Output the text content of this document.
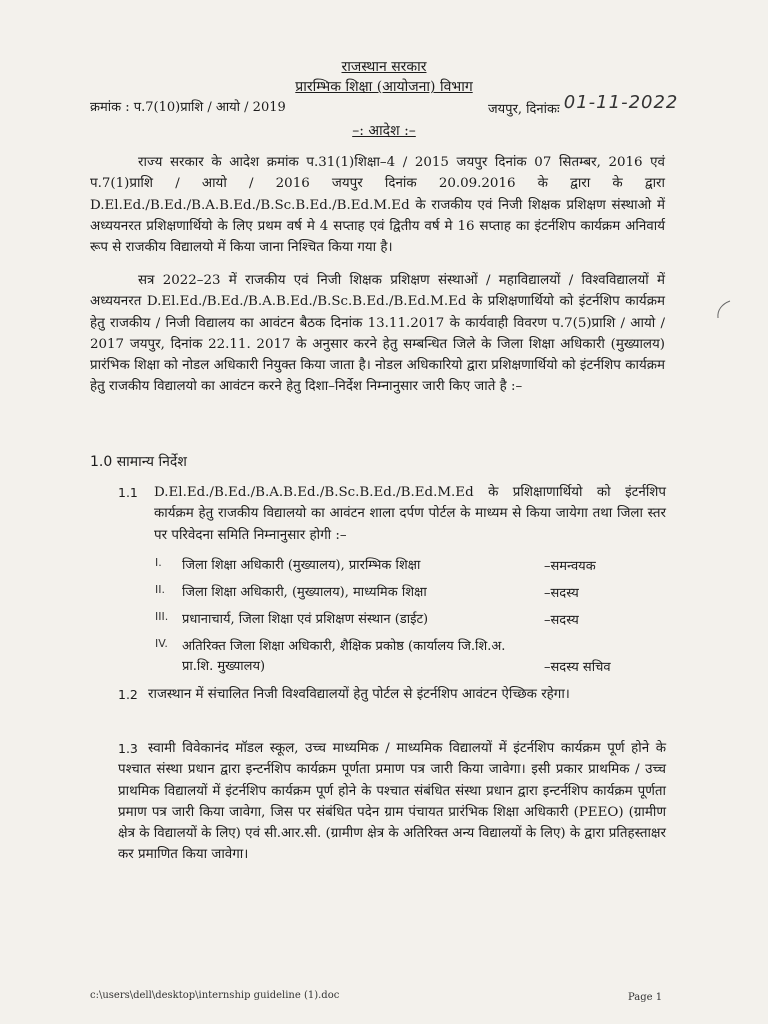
राजस्थान सरकार
प्रारम्भिक शिक्षा (आयोजना) विभाग
क्रमांक : प.7(10)प्राशि / आयो / 2019	जयपुर, दिनांकः 01-11-2022
–: आदेश :–
राज्य सरकार के आदेश क्रमांक प.31(1)शिक्षा–4 / 2015 जयपुर दिनांक 07 सितम्बर, 2016 एवं प.7(1)प्राशि / आयो / 2016 जयपुर दिनांक 20.09.2016 के द्वारा के द्वारा D.El.Ed./B.Ed./B.A.B.Ed./B.Sc.B.Ed./B.Ed.M.Ed के राजकीय एवं निजी शिक्षक प्रशिक्षण संस्थाओ में अध्ययनरत प्रशिक्षणार्थियो के लिए प्रथम वर्ष मे 4 सप्ताह एवं द्वितीय वर्ष मे 16 सप्ताह का इंटर्नशिप कार्यक्रम अनिवार्य रूप से राजकीय विद्यालयो में किया जाना निश्चित किया गया है।
सत्र 2022–23 में राजकीय एवं निजी शिक्षक प्रशिक्षण संस्थाओं / महाविद्यालयों / विश्वविद्यालयों में अध्ययनरत D.El.Ed./B.Ed./B.A.B.Ed./B.Sc.B.Ed./B.Ed.M.Ed के प्रशिक्षणार्थियो को इंटर्नशिप कार्यक्रम हेतु राजकीय / निजी विद्यालय का आवंटन बैठक दिनांक 13.11.2017 के कार्यवाही विवरण प.7(5)प्राशि / आयो / 2017 जयपुर, दिनांक 22.11. 2017 के अनुसार करने हेतु सम्बन्धित जिले के जिला शिक्षा अधिकारी (मुख्यालय) प्रारंभिक शिक्षा को नोडल अधिकारी नियुक्त किया जाता है। नोडल अधिकारियो द्वारा प्रशिक्षणार्थियो को इंटर्नशिप कार्यक्रम हेतु राजकीय विद्यालयो का आवंटन करने हेतु दिशा–निर्देश निम्नानुसार जारी किए जाते है :–
1.0 सामान्य निर्देश
1.1	D.El.Ed./B.Ed./B.A.B.Ed./B.Sc.B.Ed./B.Ed.M.Ed के प्रशिक्षाणार्थियो को इंटर्नशिप कार्यक्रम हेतु राजकीय विद्यालयो का आवंटन शाला दर्पण पोर्टल के माध्यम से किया जायेगा तथा जिला स्तर पर परिवेदना समिति निम्नानुसार होगी :–
I. जिला शिक्षा अधिकारी (मुख्यालय), प्रारम्भिक शिक्षा	–समन्वयक
II. जिला शिक्षा अधिकारी, (मुख्यालय), माध्यमिक शिक्षा	–सदस्य
III. प्रधानाचार्य, जिला शिक्षा एवं प्रशिक्षण संस्थान (डाईट)	–सदस्य
IV. अतिरिक्त जिला शिक्षा अधिकारी, शैक्षिक प्रकोष्ठ (कार्यालय जि.शि.अ. प्रा.शि. मुख्यालय)	–सदस्य सचिव
1.2 राजस्थान में संचालित निजी विश्वविद्यालयों हेतु पोर्टल से इंटर्नशिप आवंटन ऐच्छिक रहेगा।
1.3 स्वामी विवेकानंद मॉडल स्कूल, उच्च माध्यमिक / माध्यमिक विद्यालयों में इंटर्नशिप कार्यक्रम पूर्ण होने के पश्चात संस्था प्रधान द्वारा इन्टर्नशिप कार्यक्रम पूर्णता प्रमाण पत्र जारी किया जावेगा। इसी प्रकार प्राथमिक / उच्च प्राथमिक विद्यालयों में इंटर्नशिप कार्यक्रम पूर्ण होने के पश्चात संबंधित संस्था प्रधान द्वारा इन्टर्नशिप कार्यक्रम पूर्णता प्रमाण पत्र जारी किया जावेगा, जिस पर संबंधित पदेन ग्राम पंचायत प्रारंभिक शिक्षा अधिकारी (PEEO) (ग्रामीण क्षेत्र के विद्यालयों के लिए) एवं सी.आर.सी. (ग्रामीण क्षेत्र के अतिरिक्त अन्य विद्यालयों के लिए) के द्वारा प्रतिहस्ताक्षर कर प्रमाणित किया जावेगा।
c:\users\dell\desktop\internship guideline (1).doc	Page 1
